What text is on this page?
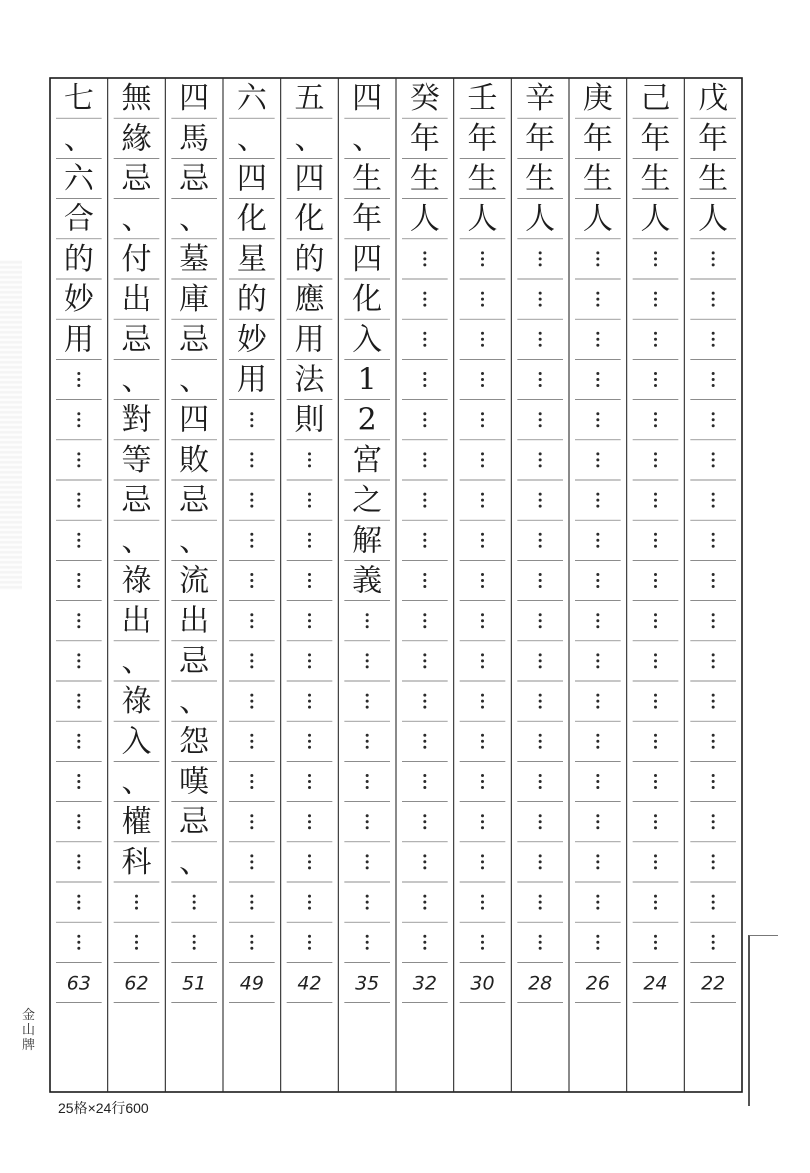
七
、
六
合
的
妙
用
63
無
緣
忌
、
付
出
忌
、
對
等
忌
、
祿
出
、
祿
入
、
權
科
62
四
馬
忌
、
墓
庫
忌
、
四
敗
忌
、
流
出
忌
、
怨
嘆
忌
、
51
六
、
四
化
星
的
妙
用
49
五
、
四
化
的
應
用
法
則
42
四
、
生
年
四
化
入
1
2
宮
之
解
義
35
癸
年
生
人
32
壬
年
生
人
30
辛
年
生
人
28
庚
年
生
人
26
己
年
生
人
24
戊
年
生
人
22
金山牌
25格×24行600
